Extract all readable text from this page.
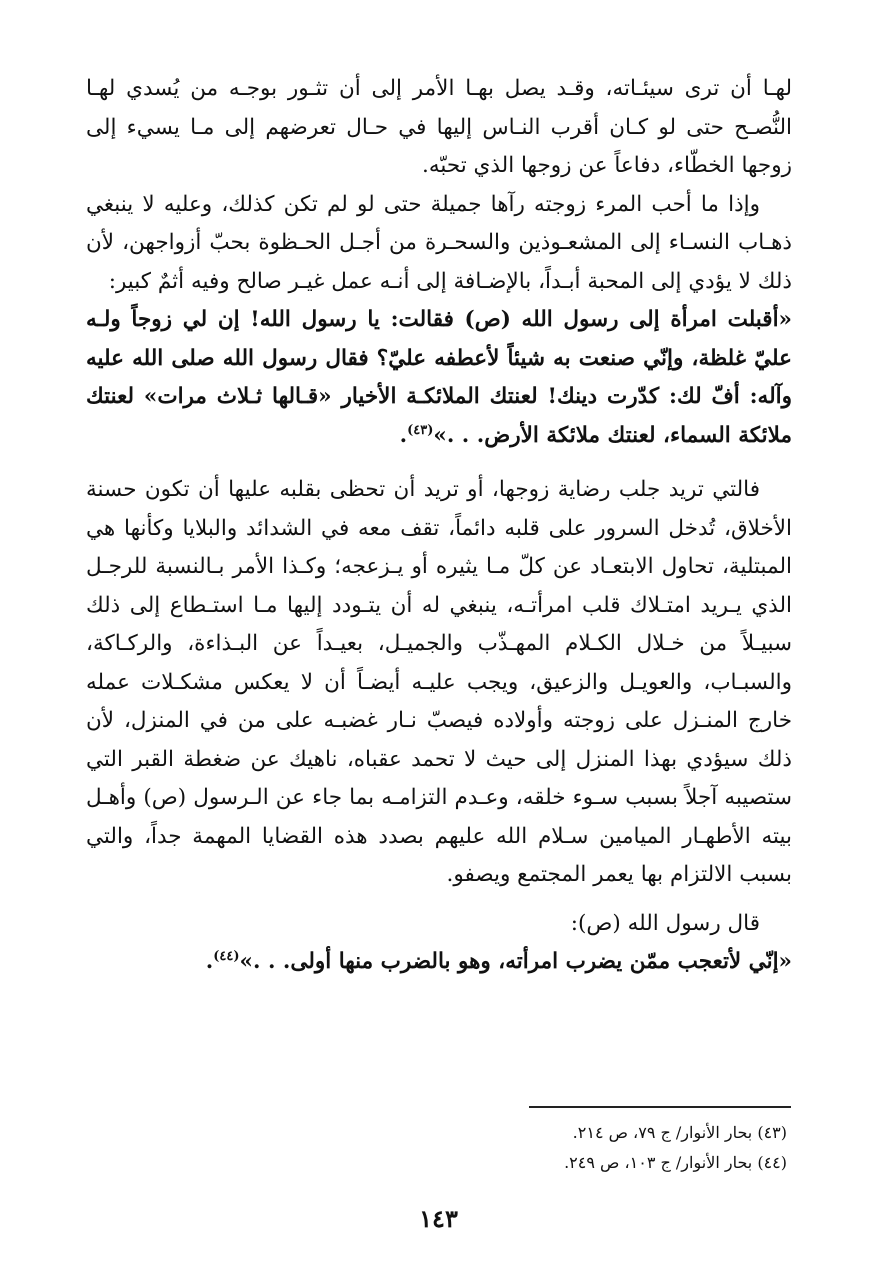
لهـا أن ترى سيئـاته، وقـد يصل بهـا الأمر إلى أن تثـور بوجـه من يُسدي لهـا النُّصـح حتى لو كـان أقرب النـاس إليها في حـال تعرضهم إلى مـا يسيء إلى زوجها الخطّاء، دفاعاً عن زوجها الذي تحبّه.

وإذا ما أحب المرء زوجته رآها جميلة حتى لو لم تكن كذلك، وعليه لا ينبغي ذهـاب النسـاء إلى المشعـوذين والسحـرة من أجـل الحـظوة بحبّ أزواجهن، لأن ذلك لا يؤدي إلى المحبة أبـداً، بالإضـافة إلى أنـه عمل غيـر صالح وفيه أثمٌ كبير:

«أقبلت امرأة إلى رسول الله (ص) فقالت: يا رسول الله! إن لي زوجاً ولـه عليّ غلظة، وإنّي صنعت به شيئاً لأعطفه عليّ؟ فقال رسول الله صلى الله عليه وآله: أفّ لك: كدّرت دينك! لعنتك الملائكـة الأخيار «قـالها ثـلاث مرات» لعنتك ملائكة السماء، لعنتك ملائكة الأرض. . .»$^{(٤٣)}$.

فالتي تريد جلب رضاية زوجها، أو تريد أن تحظى بقلبه عليها أن تكون حسنة الأخلاق، تُدخل السرور على قلبه دائماً، تقف معه في الشدائد والبلايا وكأنها هي المبتلية، تحاول الابتعـاد عن كلّ مـا يثيره أو يـزعجه؛ وكـذا الأمر بـالنسبة للرجـل الذي يـريد امتـلاك قلب امرأتـه، ينبغي له أن يتـودد إليها مـا استـطاع إلى ذلك سبيـلاً من خـلال الكـلام المهـذّب والجميـل، بعيـداً عن البـذاءة، والركـاكة، والسبـاب، والعويـل والزعيق، ويجب عليـه أيضـاً أن لا يعكس مشكـلات عمله خارج المنـزل على زوجته وأولاده فيصبّ نـار غضبـه على من في المنزل، لأن ذلك سيؤدي بهذا المنزل إلى حيث لا تحمد عقباه، ناهيك عن ضغطة القبر التي ستصيبه آجلاً بسبب سـوء خلقه، وعـدم التزامـه بما جاء عن الـرسول (ص) وأهـل بيته الأطهـار الميامين سـلام الله عليهم بصدد هذه القضايا المهمة جداً، والتي بسبب الالتزام بها يعمر المجتمع ويصفو.

قال رسول الله (ص):

«إنّي لأتعجب ممّن يضرب امرأته، وهو بالضرب منها أولى. . .»$^{(٤٤)}$.

(٤٣) بحار الأنوار/ ج ٧٩، ص ٢١٤.
(٤٤) بحار الأنوار/ ج ١٠٣، ص ٢٤٩.
١٤٣
